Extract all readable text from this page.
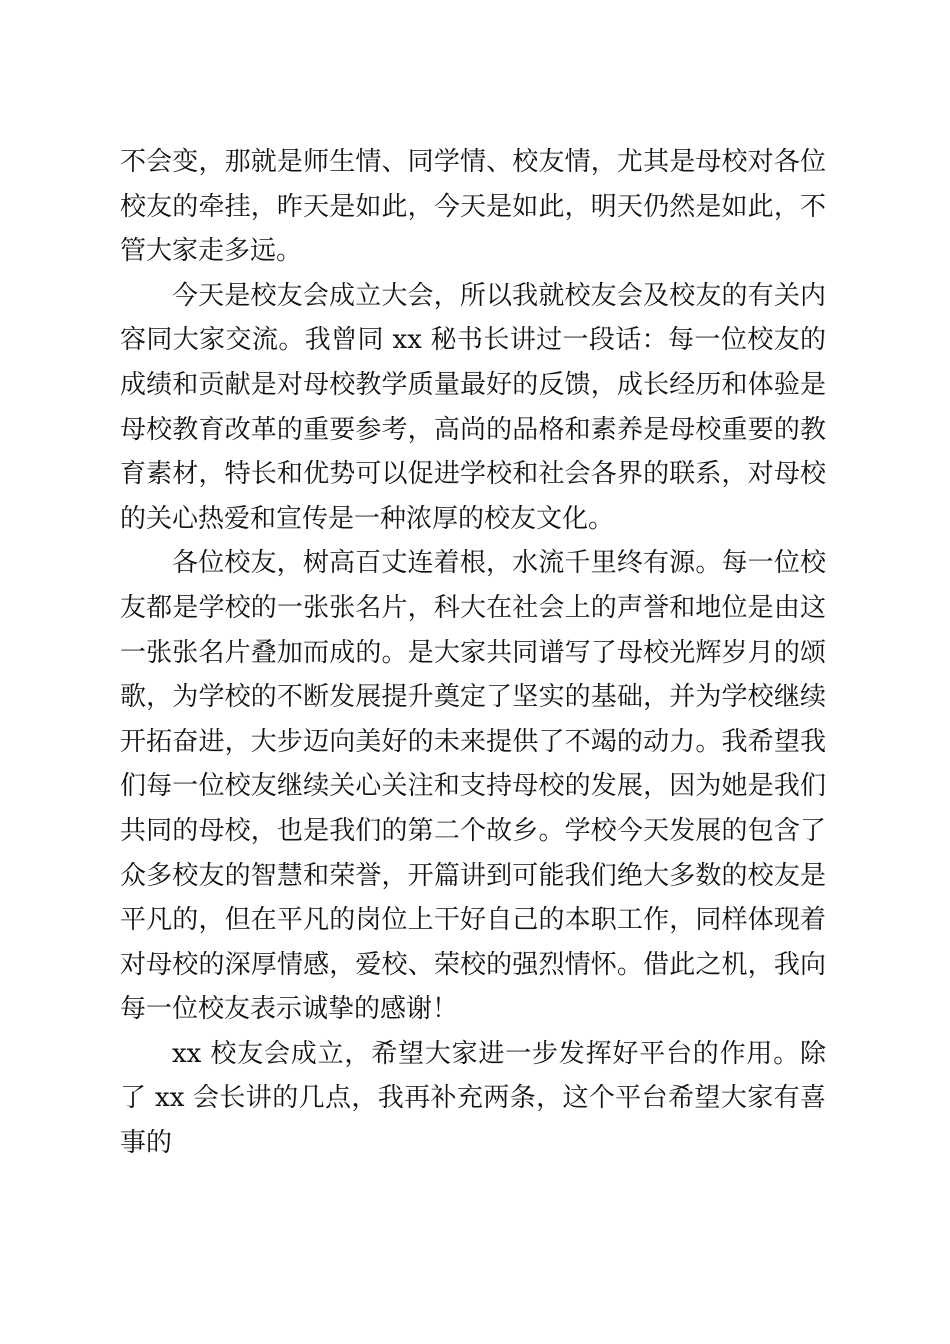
不会变，那就是师生情、同学情、校友情，尤其是母校对各位校友的牵挂，昨天是如此，今天是如此，明天仍然是如此，不管大家走多远。

今天是校友会成立大会，所以我就校友会及校友的有关内容同大家交流。我曾同 xx 秘书长讲过一段话：每一位校友的成绩和贡献是对母校教学质量最好的反馈，成长经历和体验是母校教育改革的重要参考，高尚的品格和素养是母校重要的教育素材，特长和优势可以促进学校和社会各界的联系，对母校的关心热爱和宣传是一种浓厚的校友文化。

各位校友，树高百丈连着根，水流千里终有源。每一位校友都是学校的一张张名片，科大在社会上的声誉和地位是由这一张张名片叠加而成的。是大家共同谱写了母校光辉岁月的颂歌，为学校的不断发展提升奠定了坚实的基础，并为学校继续开拓奋进，大步迈向美好的未来提供了不竭的动力。我希望我们每一位校友继续关心关注和支持母校的发展，因为她是我们共同的母校，也是我们的第二个故乡。学校今天发展的包含了众多校友的智慧和荣誉，开篇讲到可能我们绝大多数的校友是平凡的，但在平凡的岗位上干好自己的本职工作，同样体现着对母校的深厚情感，爱校、荣校的强烈情怀。借此之机，我向每一位校友表示诚挚的感谢！

xx 校友会成立，希望大家进一步发挥好平台的作用。除了 xx 会长讲的几点，我再补充两条，这个平台希望大家有喜事的
